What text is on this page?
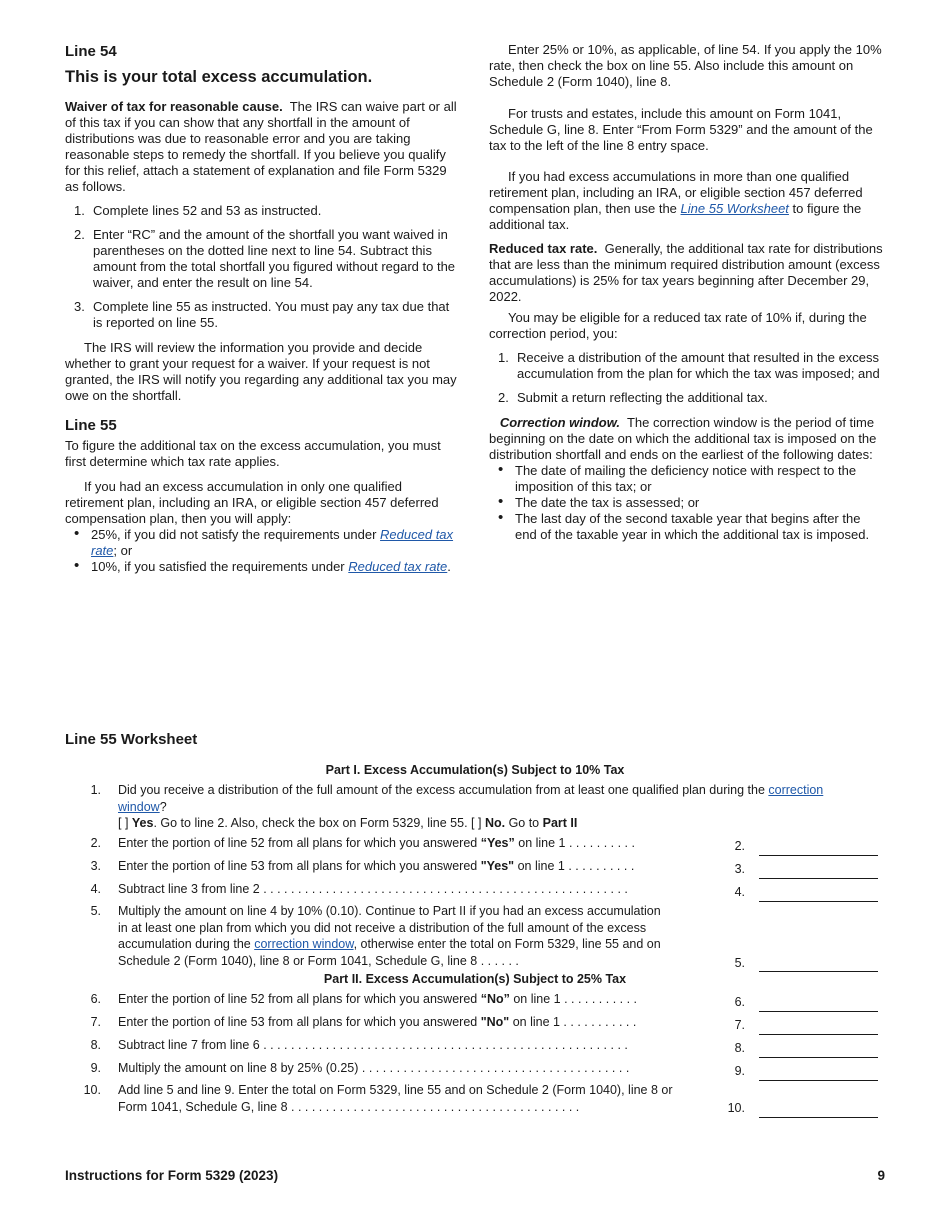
Line 54
This is your total excess accumulation.

Waiver of tax for reasonable cause. The IRS can waive part or all of this tax if you can show that any shortfall in the amount of distributions was due to reasonable error and you are taking reasonable steps to remedy the shortfall. If you believe you qualify for this relief, attach a statement of explanation and file Form 5329 as follows.

1. Complete lines 52 and 53 as instructed.
2. Enter “RC” and the amount of the shortfall you want waived in parentheses on the dotted line next to line 54. Subtract this amount from the total shortfall you figured without regard to the waiver, and enter the result on line 54.
3. Complete line 55 as instructed. You must pay any tax due that is reported on line 55.

The IRS will review the information you provide and decide whether to grant your request for a waiver. If your request is not granted, the IRS will notify you regarding any additional tax you may owe on the shortfall.

Line 55

To figure the additional tax on the excess accumulation, you must first determine which tax rate applies.

If you had an excess accumulation in only one qualified retirement plan, including an IRA, or eligible section 457 deferred compensation plan, then you will apply:

• 25%, if you did not satisfy the requirements under Reduced tax rate; or
• 10%, if you satisfied the requirements under Reduced tax rate.

Enter 25% or 10%, as applicable, of line 54. If you apply the 10% rate, then check the box on line 55. Also include this amount on Schedule 2 (Form 1040), line 8.

For trusts and estates, include this amount on Form 1041, Schedule G, line 8. Enter “From Form 5329” and the amount of the tax to the left of the line 8 entry space.

If you had excess accumulations in more than one qualified retirement plan, including an IRA, or eligible section 457 deferred compensation plan, then use the Line 55 Worksheet to figure the additional tax.

Reduced tax rate. Generally, the additional tax rate for distributions that are less than the minimum required distribution amount (excess accumulations) is 25% for tax years beginning after December 29, 2022.

You may be eligible for a reduced tax rate of 10% if, during the correction period, you:

1. Receive a distribution of the amount that resulted in the excess accumulation from the plan for which the tax was imposed; and
2. Submit a return reflecting the additional tax.

Correction window. The correction window is the period of time beginning on the date on which the additional tax is imposed on the distribution shortfall and ends on the earliest of the following dates:

• The date of mailing the deficiency notice with respect to the imposition of this tax; or
• The date the tax is assessed; or
• The last day of the second taxable year that begins after the end of the taxable year in which the additional tax is imposed.
Line 55 Worksheet
Part I. Excess Accumulation(s) Subject to 10% Tax
1. Did you receive a distribution of the full amount of the excess accumulation from at least one qualified plan during the correction window?
[ ] Yes. Go to line 2. Also, check the box on Form 5329, line 55. [ ] No. Go to Part II
2. Enter the portion of line 52 from all plans for which you answered “Yes” on line 1 . . . . . . . . . .	2.
3. Enter the portion of line 53 from all plans for which you answered "Yes" on line 1 . . . . . . . . . .	3.
4. Subtract line 3 from line 2 . . . . . . . . . . . . . . . . . . . . . . . . . . . . . . . . . . . . . . . . . . . . . . . . . . . . .	4.
5. Multiply the amount on line 4 by 10% (0.10). Continue to Part II if you had an excess accumulation in at least one plan from which you did not receive a distribution of the full amount of the excess accumulation during the correction window, otherwise enter the total on Form 5329, line 55 and on Schedule 2 (Form 1040), line 8 or Form 1041, Schedule G, line 8 . . . . . .	5.
Part II. Excess Accumulation(s) Subject to 25% Tax
6. Enter the portion of line 52 from all plans for which you answered “No” on line 1 . . . . . . . . . . .	6.
7. Enter the portion of line 53 from all plans for which you answered "No" on line 1 . . . . . . . . . . .	7.
8. Subtract line 7 from line 6 . . . . . . . . . . . . . . . . . . . . . . . . . . . . . . . . . . . . . . . . . . . . . . . . . . . . .	8.
9. Multiply the amount on line 8 by 25% (0.25) . . . . . . . . . . . . . . . . . . . . . . . . . . . . . . . . . . . . . . .	9.
10. Add line 5 and line 9. Enter the total on Form 5329, line 55 and on Schedule 2 (Form 1040), line 8 or Form 1041, Schedule G, line 8 . . . . . . . . . . . . . . . . . . . . . . . . . . . . . . . . . . . . . . . . . .	10.
Instructions for Form 5329 (2023)	9
